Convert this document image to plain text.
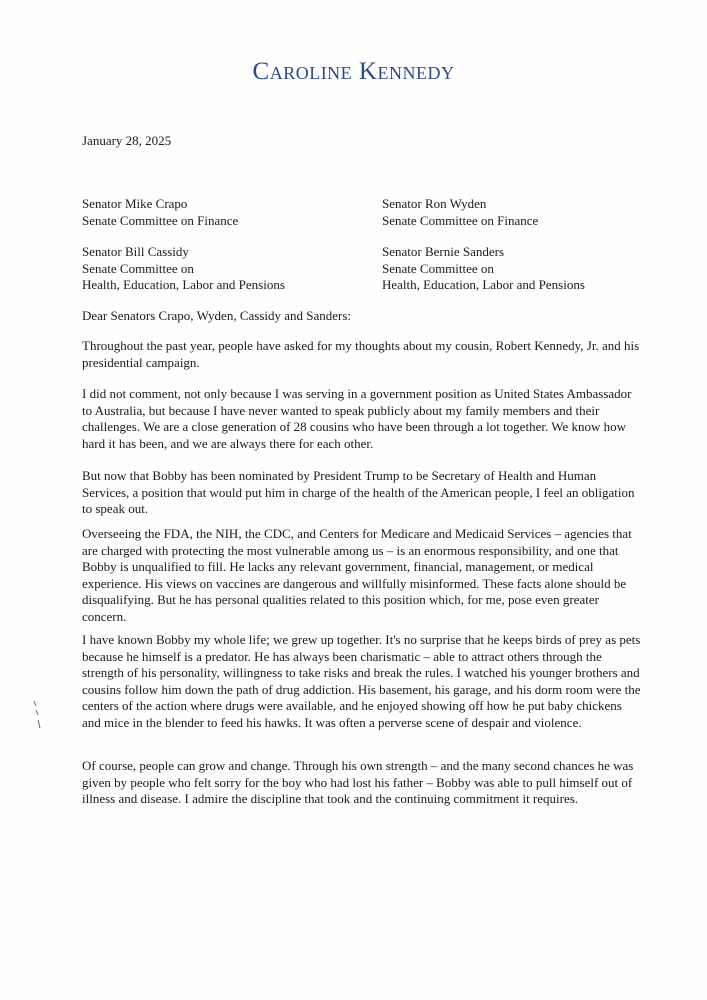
Caroline Kennedy
January 28, 2025
Senator Mike Crapo
Senate Committee on Finance
Senator Ron Wyden
Senate Committee on Finance
Senator Bill Cassidy
Senate Committee on
Health, Education, Labor and Pensions
Senator Bernie Sanders
Senate Committee on
Health, Education, Labor and Pensions
Dear Senators Crapo, Wyden, Cassidy and Sanders:

Throughout the past year, people have asked for my thoughts about my cousin, Robert Kennedy, Jr. and his presidential campaign.

I did not comment, not only because I was serving in a government position as United States Ambassador to Australia, but because I have never wanted to speak publicly about my family members and their challenges. We are a close generation of 28 cousins who have been through a lot together. We know how hard it has been, and we are always there for each other.

But now that Bobby has been nominated by President Trump to be Secretary of Health and Human Services, a position that would put him in charge of the health of the American people, I feel an obligation to speak out.

Overseeing the FDA, the NIH, the CDC, and Centers for Medicare and Medicaid Services – agencies that are charged with protecting the most vulnerable among us – is an enormous responsibility, and one that Bobby is unqualified to fill. He lacks any relevant government, financial, management, or medical experience. His views on vaccines are dangerous and willfully misinformed. These facts alone should be disqualifying. But he has personal qualities related to this position which, for me, pose even greater concern.

I have known Bobby my whole life; we grew up together. It's no surprise that he keeps birds of prey as pets because he himself is a predator. He has always been charismatic – able to attract others through the strength of his personality, willingness to take risks and break the rules. I watched his younger brothers and cousins follow him down the path of drug addiction. His basement, his garage, and his dorm room were the centers of the action where drugs were available, and he enjoyed showing off how he put baby chickens and mice in the blender to feed his hawks. It was often a perverse scene of despair and violence.

Of course, people can grow and change. Through his own strength – and the many second chances he was given by people who felt sorry for the boy who had lost his father – Bobby was able to pull himself out of illness and disease. I admire the discipline that took and the continuing commitment it requires.
